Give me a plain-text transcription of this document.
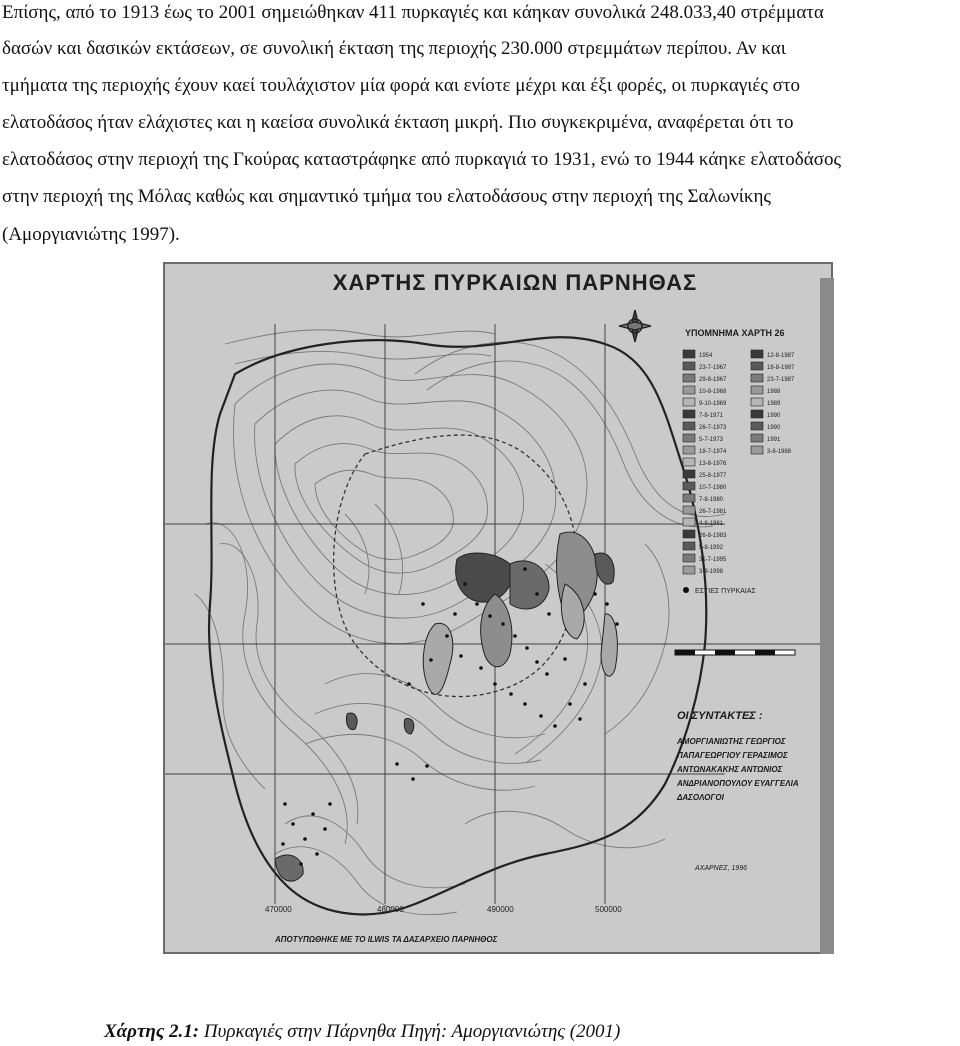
Επίσης, από το 1913 έως το 2001 σημειώθηκαν 411 πυρκαγιές και κάηκαν συνολικά 248.033,40 στρέμματα
δασών και δασικών εκτάσεων, σε συνολική έκταση της περιοχής 230.000 στρεμμάτων περίπου. Αν και
τμήματα της περιοχής έχουν καεί τουλάχιστον μία φορά και ενίοτε μέχρι και έξι φορές, οι πυρκαγιές στο
ελατοδάσος ήταν ελάχιστες και η καείσα συνολικά έκταση μικρή. Πιο συγκεκριμένα, αναφέρεται ότι το
ελατοδάσος στην περιοχή της Γκούρας καταστράφηκε από πυρκαγιά το 1931, ενώ το 1944 κάηκε ελατοδάσος
στην περιοχή της Μόλας καθώς και σημαντικό τμήμα του ελατοδάσους στην περιοχή της Σαλωνίκης
(Αμοργιανιώτης 1997).
ΧΑΡΤΗΣ ΠΥΡΚΑΙΩΝ ΠΑΡΝΗΘΑΣ
470000	480000	490000	500000
ΥΠΟΜΝΗΜΑ ΧΑΡΤΗ 26
1954
23-7-1967
29-8-1967
10-8-1968
9-10-1969
7-8-1971
26-7-1973
5-7-1973
18-7-1974
13-8-1976
25-8-1977
10-7-1980
7-8-1980
26-7-1981
4-8-1981
26-8-1983
5-8-1992
31-7-1995
3-8-1998
12-8-1987
18-8-1987
23-7-1987
1988
1989
1990
1990
1991
3-8-1988
ΕΣΤΙΕΣ ΠΥΡΚΑΙΑΣ
ΟΙ ΣΥΝΤΑΚΤΕΣ :
ΑΜΟΡΓΙΑΝΙΩΤΗΣ ΓΕΩΡΓΙΟΣ
ΠΑΠΑΓΕΩΡΓΙΟΥ ΓΕΡΑΣΙΜΟΣ
ΑΝΤΩΝΑΚΑΚΗΣ ΑΝΤΩΝΙΟΣ
ΑΝΔΡΙΑΝΟΠΟΥΛΟΥ ΕΥΑΓΓΕΛΙΑ
ΔΑΣΟΛΟΓΟΙ
ΑΧΑΡΝΕΣ, 1996
ΑΠΟΤΥΠΩΘΗΚΕ ΜΕ ΤΟ ILWIS ΤΑ ΔΑΣΑΡΧΕΙΟ ΠΑΡΝΗΘΟΣ
Χάρτης 2.1: Πυρκαγιές στην Πάρνηθα Πηγή: Αμοργιανιώτης (2001)
